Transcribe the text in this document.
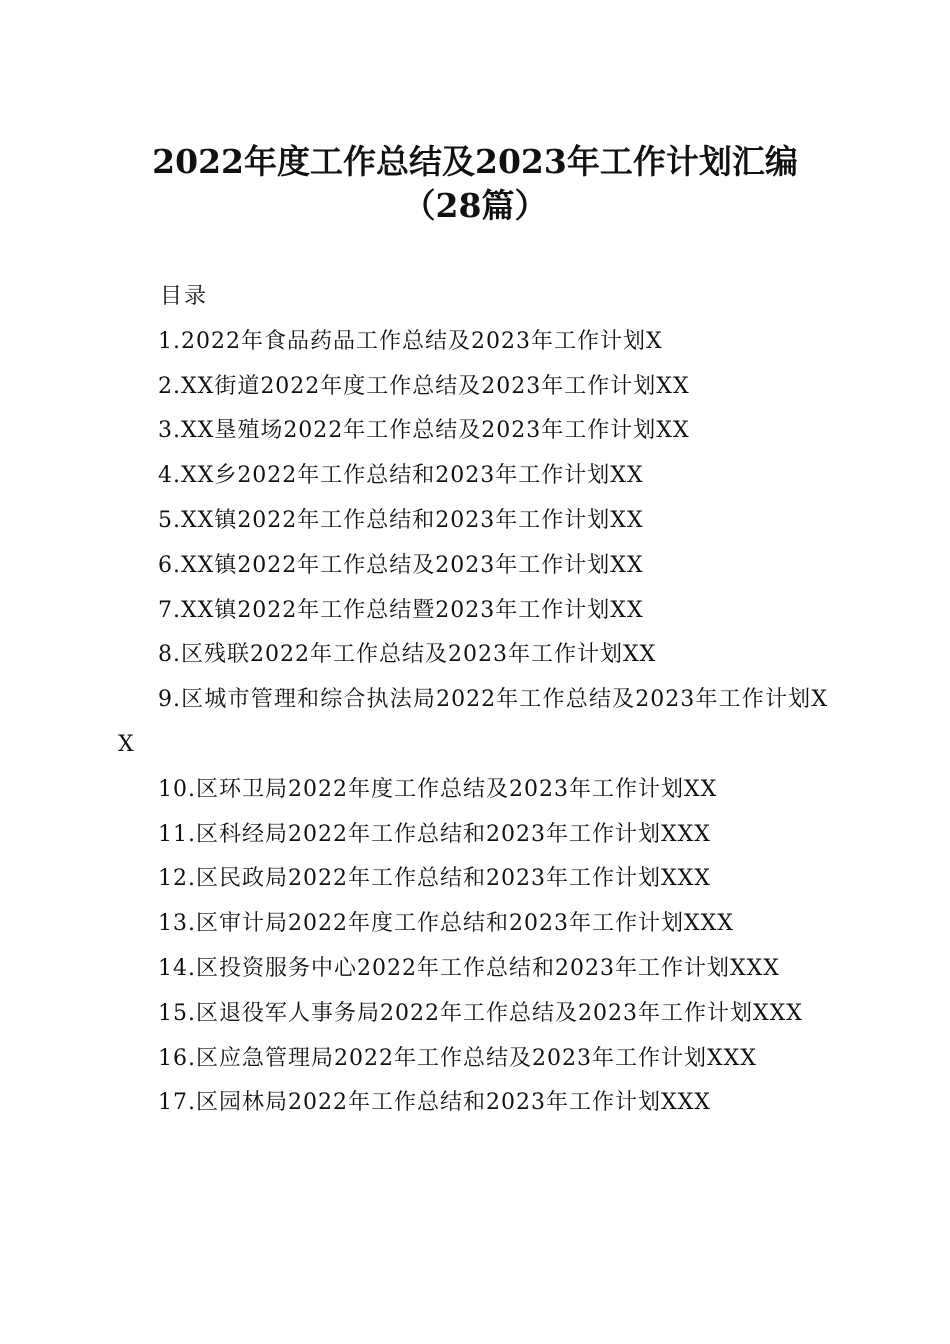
2022年度工作总结及2023年工作计划汇编
（28篇）
目录
1.2022年食品药品工作总结及2023年工作计划X
2.XX街道2022年度工作总结及2023年工作计划XX
3.XX垦殖场2022年工作总结及2023年工作计划XX
4.XX乡2022年工作总结和2023年工作计划XX
5.XX镇2022年工作总结和2023年工作计划XX
6.XX镇2022年工作总结及2023年工作计划XX
7.XX镇2022年工作总结暨2023年工作计划XX
8.区残联2022年工作总结及2023年工作计划XX
9.区城市管理和综合执法局2022年工作总结及2023年工作计划XX
10.区环卫局2022年度工作总结及2023年工作计划XX
11.区科经局2022年工作总结和2023年工作计划XXX
12.区民政局2022年工作总结和2023年工作计划XXX
13.区审计局2022年度工作总结和2023年工作计划XXX
14.区投资服务中心2022年工作总结和2023年工作计划XXX
15.区退役军人事务局2022年工作总结及2023年工作计划XXX
16.区应急管理局2022年工作总结及2023年工作计划XXX
17.区园林局2022年工作总结和2023年工作计划XXX
